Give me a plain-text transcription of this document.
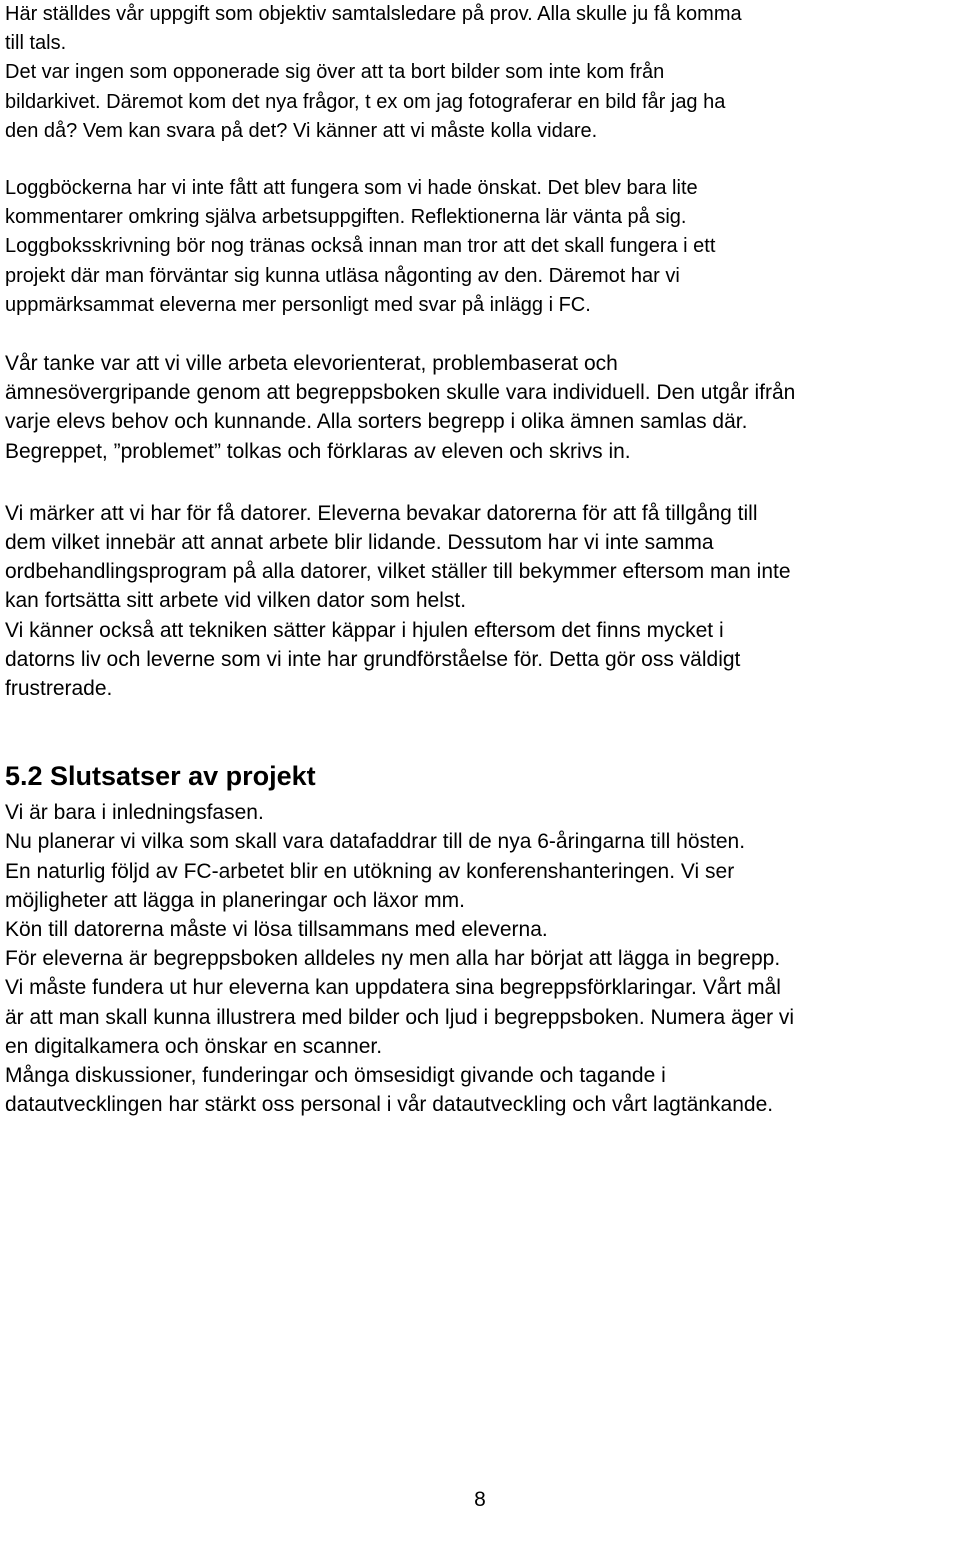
Här ställdes vår uppgift som objektiv samtalsledare på prov. Alla skulle ju få komma
till tals.
Det var ingen som opponerade sig över att ta bort bilder som inte kom från
bildarkivet. Däremot kom det nya frågor, t ex om jag fotograferar en bild får jag ha
den då? Vem kan svara på det? Vi känner att vi måste kolla vidare.

Loggböckerna har vi inte fått att fungera som vi hade önskat. Det blev bara lite
kommentarer omkring själva arbetsuppgiften. Reflektionerna lär vänta på sig.
Loggboksskrivning bör nog tränas också innan man tror att det skall fungera i ett
projekt där man förväntar sig kunna utläsa någonting av den. Däremot har vi
uppmärksammat eleverna mer personligt med svar på inlägg i FC.

Vår tanke var att vi ville arbeta elevorienterat, problembaserat och
ämnesövergripande genom att begreppsboken skulle vara individuell. Den utgår ifrån
varje elevs behov och kunnande. Alla sorters begrepp i olika ämnen samlas där.
Begreppet, ”problemet” tolkas och förklaras av eleven och skrivs in.

Vi märker att vi har för få datorer. Eleverna bevakar datorerna för att få tillgång till
dem vilket innebär att annat arbete blir lidande. Dessutom har vi inte samma
ordbehandlingsprogram på alla datorer, vilket ställer till bekymmer eftersom man inte
kan fortsätta sitt arbete vid vilken dator som helst.
Vi känner också att tekniken sätter käppar i hjulen eftersom det finns mycket i
datorns liv och leverne som vi inte har grundförståelse för. Detta gör oss väldigt
frustrerade.

5.2 Slutsatser av projekt

Vi är bara i inledningsfasen.
Nu planerar vi vilka som skall vara datafaddrar till de nya 6-åringarna till hösten.
En naturlig följd av FC-arbetet blir en utökning av konferenshanteringen. Vi ser
möjligheter att lägga in planeringar och läxor mm.
Kön till datorerna måste vi lösa tillsammans med eleverna.
För eleverna är begreppsboken alldeles ny men alla har börjat att lägga in begrepp.
Vi måste fundera ut hur eleverna kan uppdatera sina begreppsförklaringar. Vårt mål
är att man skall kunna illustrera med bilder och ljud i begreppsboken. Numera äger vi
en digitalkamera och önskar en scanner.
Många diskussioner, funderingar och ömsesidigt givande och tagande i
datautvecklingen har stärkt oss personal i vår datautveckling och vårt lagtänkande.

8
